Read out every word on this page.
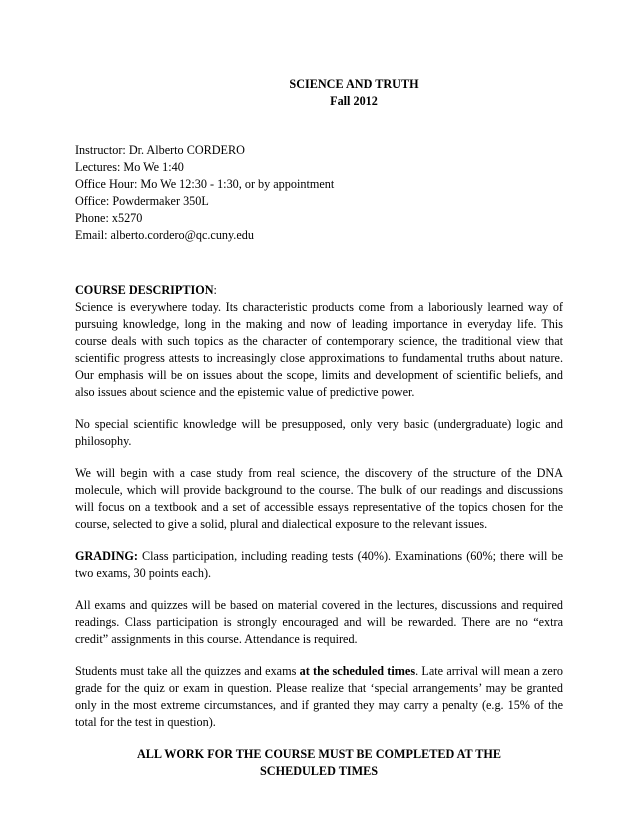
SCIENCE AND TRUTH
Fall 2012
Instructor: Dr. Alberto CORDERO
Lectures: Mo We 1:40
Office Hour: Mo We 12:30 - 1:30, or by appointment
Office: Powdermaker 350L
Phone: x5270
Email: alberto.cordero@qc.cuny.edu
COURSE DESCRIPTION:

Science is everywhere today. Its characteristic products come from a laboriously learned way of pursuing knowledge, long in the making and now of leading importance in everyday life. This course deals with such topics as the character of contemporary science, the traditional view that scientific progress attests to increasingly close approximations to fundamental truths about nature. Our emphasis will be on issues about the scope, limits and development of scientific beliefs, and also issues about science and the epistemic value of predictive power.

No special scientific knowledge will be presupposed, only very basic (undergraduate) logic and philosophy.

We will begin with a case study from real science, the discovery of the structure of the DNA molecule, which will provide background to the course. The bulk of our readings and discussions will focus on a textbook and a set of accessible essays representative of the topics chosen for the course, selected to give a solid, plural and dialectical exposure to the relevant issues.

GRADING: Class participation, including reading tests (40%). Examinations (60%; there will be two exams, 30 points each).

All exams and quizzes will be based on material covered in the lectures, discussions and required readings. Class participation is strongly encouraged and will be rewarded. There are no “extra credit” assignments in this course. Attendance is required.

Students must take all the quizzes and exams at the scheduled times. Late arrival will mean a zero grade for the quiz or exam in question. Please realize that ‘special arrangements’ may be granted only in the most extreme circumstances, and if granted they may carry a penalty (e.g. 15% of the total for the test in question).

ALL WORK FOR THE COURSE MUST BE COMPLETED AT THE
SCHEDULED TIMES
